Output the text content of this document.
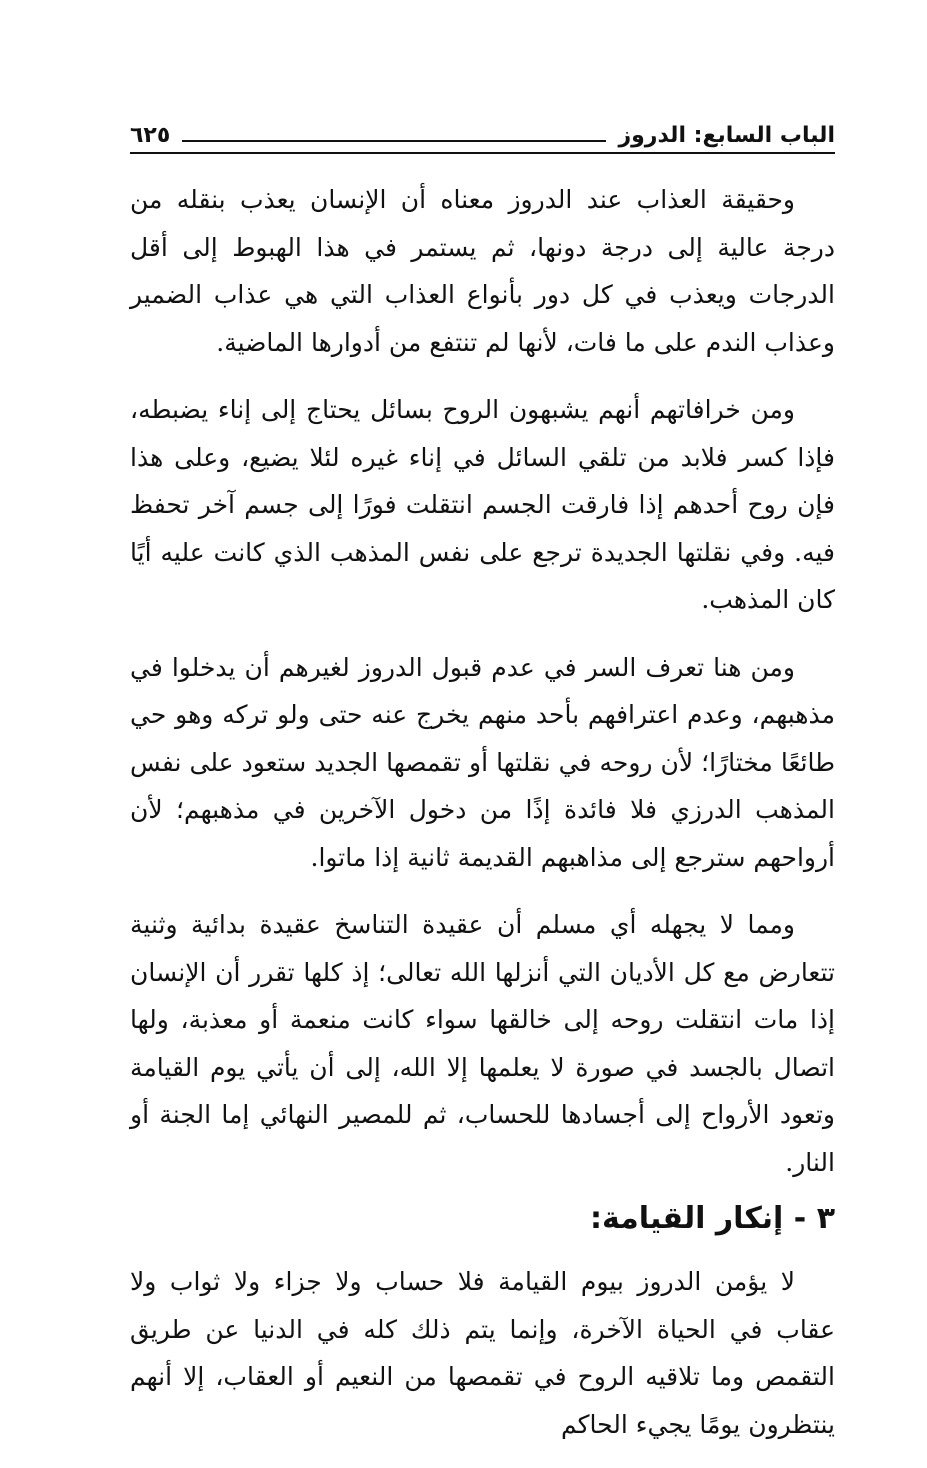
الباب السابع: الدروز
٦٢٥

وحقيقة العذاب عند الدروز معناه أن الإنسان يعذب بنقله من درجة عالية إلى درجة دونها، ثم يستمر في هذا الهبوط إلى أقل الدرجات ويعذب في كل دور بأنواع العذاب التي هي عذاب الضمير وعذاب الندم على ما فات، لأنها لم تنتفع من أدوارها الماضية.

ومن خرافاتهم أنهم يشبهون الروح بسائل يحتاج إلى إناء يضبطه، فإذا كسر فلابد من تلقي السائل في إناء غيره لئلا يضيع، وعلى هذا فإن روح أحدهم إذا فارقت الجسم انتقلت فورًا إلى جسم آخر تحفظ فيه. وفي نقلتها الجديدة ترجع على نفس المذهب الذي كانت عليه أيًا كان المذهب.

ومن هنا تعرف السر في عدم قبول الدروز لغيرهم أن يدخلوا في مذهبهم، وعدم اعترافهم بأحد منهم يخرج عنه حتى ولو تركه وهو حي طائعًا مختارًا؛ لأن روحه في نقلتها أو تقمصها الجديد ستعود على نفس المذهب الدرزي فلا فائدة إذًا من دخول الآخرين في مذهبهم؛ لأن أرواحهم سترجع إلى مذاهبهم القديمة ثانية إذا ماتوا.

ومما لا يجهله أي مسلم أن عقيدة التناسخ عقيدة بدائية وثنية تتعارض مع كل الأديان التي أنزلها الله تعالى؛ إذ كلها تقرر أن الإنسان إذا مات انتقلت روحه إلى خالقها سواء كانت منعمة أو معذبة، ولها اتصال بالجسد في صورة لا يعلمها إلا الله، إلى أن يأتي يوم القيامة وتعود الأرواح إلى أجسادها للحساب، ثم للمصير النهائي إما الجنة أو النار.

٣ - إنكار القيامة:

لا يؤمن الدروز بيوم القيامة فلا حساب ولا جزاء ولا ثواب ولا عقاب في الحياة الآخرة، وإنما يتم ذلك كله في الدنيا عن طريق التقمص وما تلاقيه الروح في تقمصها من النعيم أو العقاب، إلا أنهم ينتظرون يومًا يجيء الحاكم
